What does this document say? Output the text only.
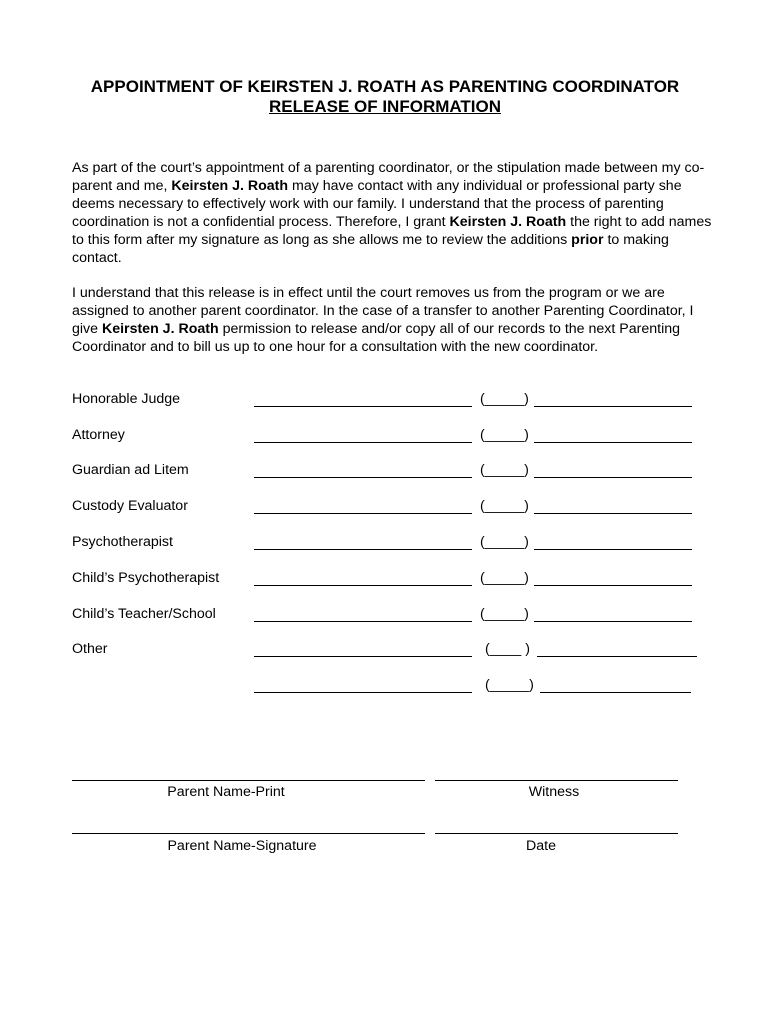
APPOINTMENT OF KEIRSTEN J. ROATH AS PARENTING COORDINATOR
RELEASE OF INFORMATION
As part of the court’s appointment of a parenting coordinator, or the stipulation made between my co-parent and me, Keirsten J. Roath may have contact with any individual or professional party she deems necessary to effectively work with our family. I understand that the process of parenting coordination is not a confidential process. Therefore, I grant Keirsten J. Roath the right to add names to this form after my signature as long as she allows me to review the additions prior to making contact.
I understand that this release is in effect until the court removes us from the program or we are assigned to another parent coordinator. In the case of a transfer to another Parenting Coordinator, I give Keirsten J. Roath permission to release and/or copy all of our records to the next Parenting Coordinator and to bill us up to one hour for a consultation with the new coordinator.
Honorable Judge	(_____)
Attorney	(_____)
Guardian ad Litem	(_____)
Custody Evaluator	(_____)
Psychotherapist	(_____)
Child’s Psychotherapist	(_____)
Child’s Teacher/School	(_____)
Other	(____ )
(_____)
Parent Name-Print	Witness
Parent Name-Signature	Date
